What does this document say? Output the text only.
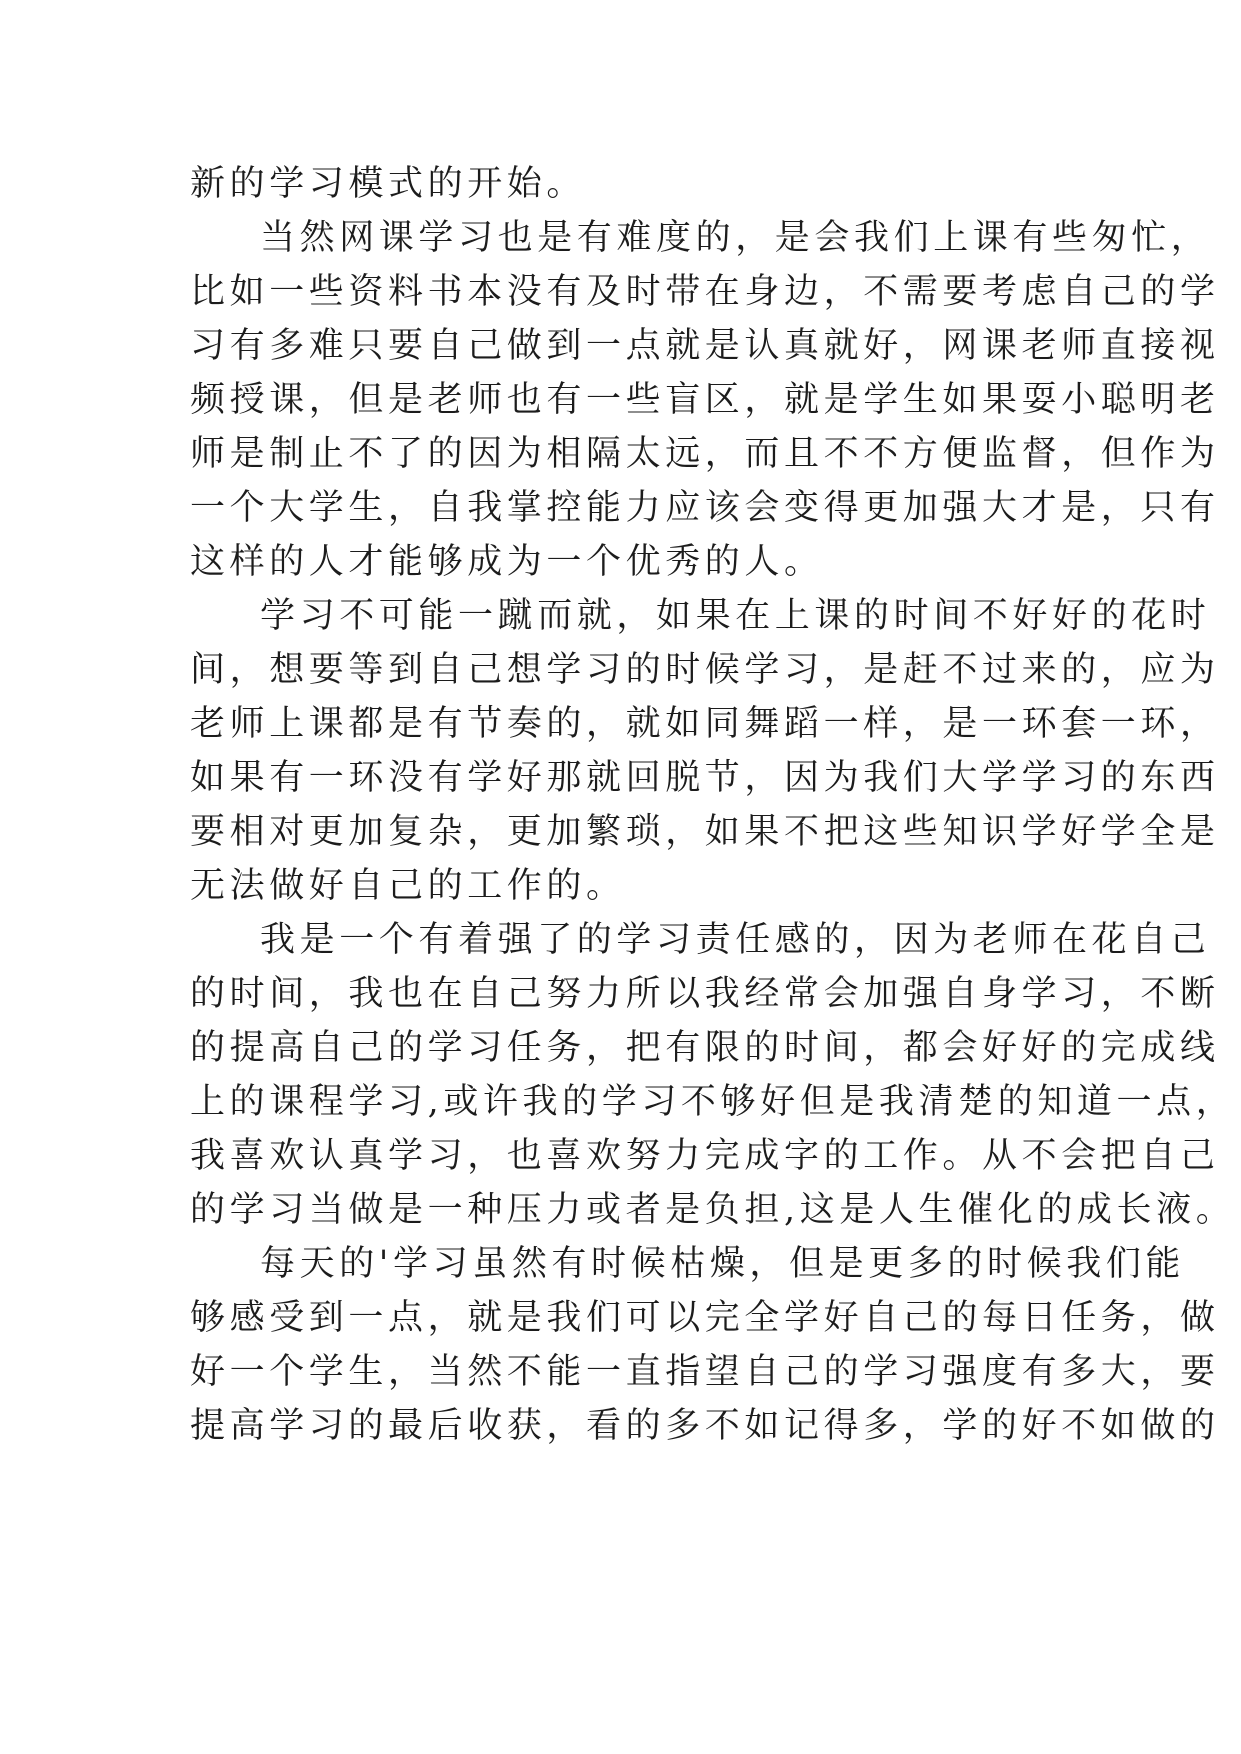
新的学习模式的开始。
当然网课学习也是有难度的，是会我们上课有些匆忙，
比如一些资料书本没有及时带在身边，不需要考虑自己的学
习有多难只要自己做到一点就是认真就好，网课老师直接视
频授课，但是老师也有一些盲区，就是学生如果耍小聪明老
师是制止不了的因为相隔太远，而且不不方便监督，但作为
一个大学生，自我掌控能力应该会变得更加强大才是，只有
这样的人才能够成为一个优秀的人。
学习不可能一蹴而就，如果在上课的时间不好好的花时
间，想要等到自己想学习的时候学习，是赶不过来的，应为
老师上课都是有节奏的，就如同舞蹈一样，是一环套一环，
如果有一环没有学好那就回脱节，因为我们大学学习的东西
要相对更加复杂，更加繁琐，如果不把这些知识学好学全是
无法做好自己的工作的。
我是一个有着强了的学习责任感的，因为老师在花自己
的时间，我也在自己努力所以我经常会加强自身学习，不断
的提高自己的学习任务，把有限的时间，都会好好的完成线
上的课程学习,或许我的学习不够好但是我清楚的知道一点，
我喜欢认真学习，也喜欢努力完成字的工作。从不会把自己
的学习当做是一种压力或者是负担,这是人生催化的成长液。
每天的'学习虽然有时候枯燥，但是更多的时候我们能
够感受到一点，就是我们可以完全学好自己的每日任务，做
好一个学生，当然不能一直指望自己的学习强度有多大，要
提高学习的最后收获，看的多不如记得多，学的好不如做的
